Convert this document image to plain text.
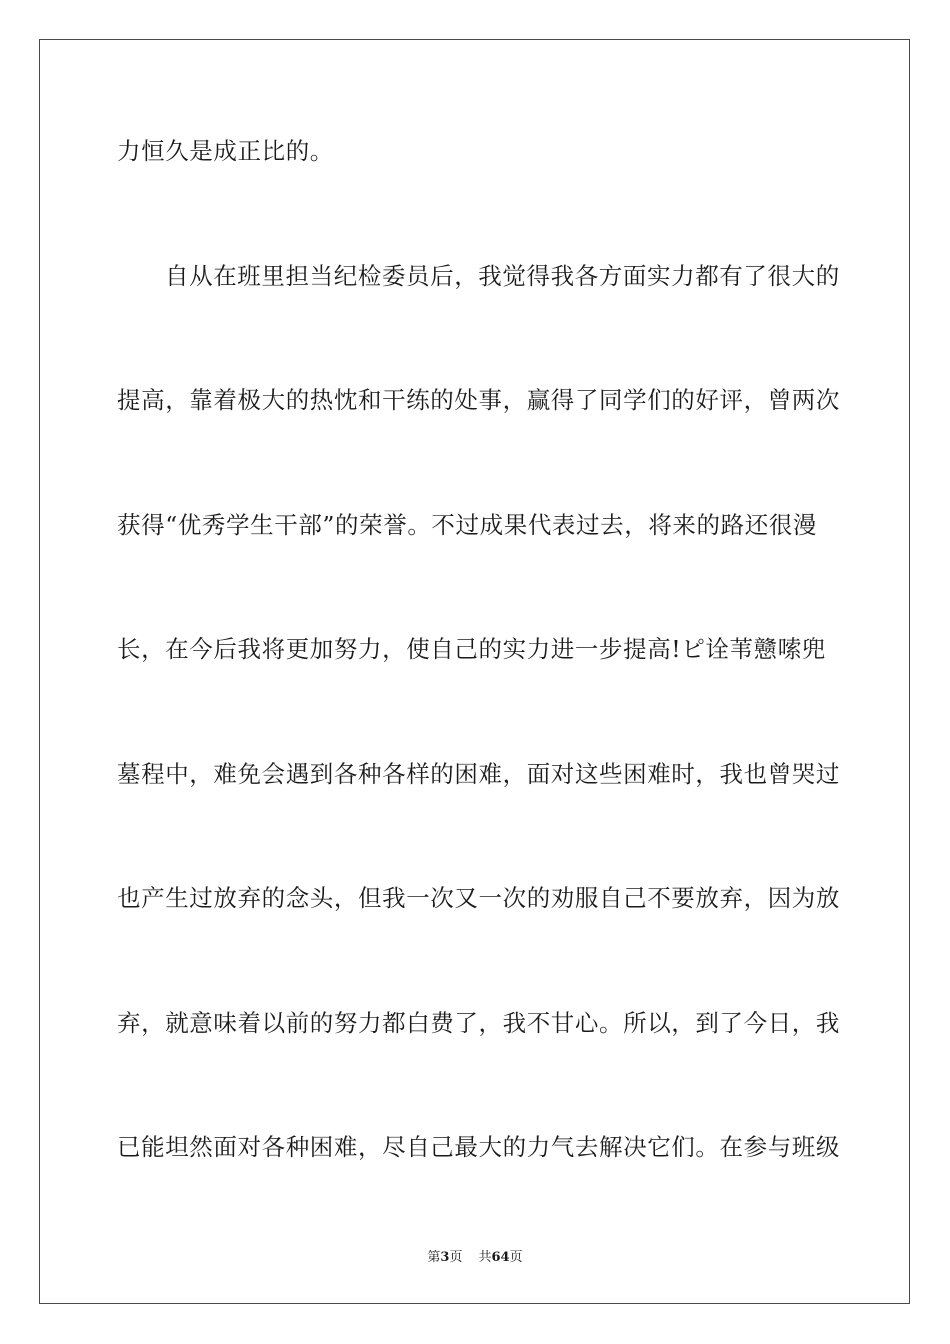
力恒久是成正比的。
自从在班里担当纪检委员后，我觉得我各方面实力都有了很大的
提高，靠着极大的热忱和干练的处事，赢得了同学们的好评，曾两次
获得“优秀学生干部”的荣誉。不过成果代表过去，将来的路还很漫
长，在今后我将更加努力，使自己的实力进一步提高!ピ诠苇戆嗦兜
墓程中，难免会遇到各种各样的困难，面对这些困难时，我也曾哭过
也产生过放弃的念头，但我一次又一次的劝服自己不要放弃，因为放
弃，就意味着以前的努力都白费了，我不甘心。所以，到了今日，我
已能坦然面对各种困难，尽自己最大的力气去解决它们。在参与班级
第3页 共64页
